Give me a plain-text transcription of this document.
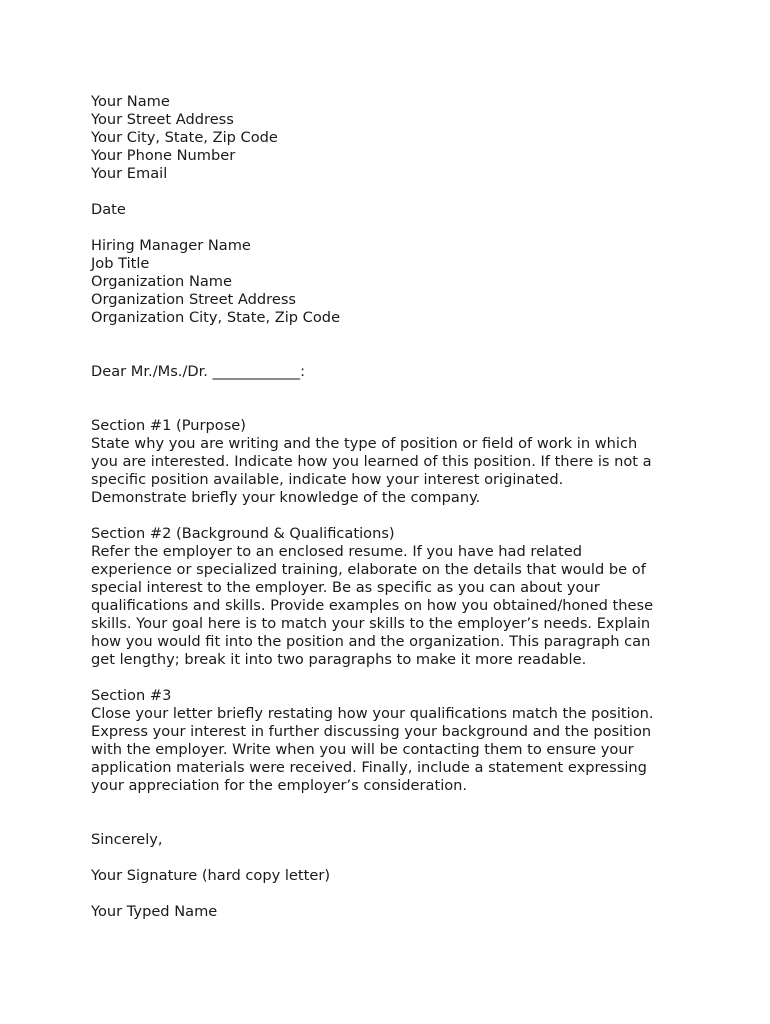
Your Name
Your Street Address
Your City, State, Zip Code
Your Phone Number
Your Email
Date
Hiring Manager Name
Job Title
Organization Name
Organization Street Address
Organization City, State, Zip Code
Dear Mr./Ms./Dr. ____________:
Section #1 (Purpose)
State why you are writing and the type of position or field of work in which
you are interested. Indicate how you learned of this position. If there is not a
specific position available, indicate how your interest originated.
Demonstrate briefly your knowledge of the company.
Section #2 (Background & Qualifications)
Refer the employer to an enclosed resume. If you have had related
experience or specialized training, elaborate on the details that would be of
special interest to the employer. Be as specific as you can about your
qualifications and skills. Provide examples on how you obtained/honed these
skills. Your goal here is to match your skills to the employer’s needs. Explain
how you would fit into the position and the organization. This paragraph can
get lengthy; break it into two paragraphs to make it more readable.
Section #3
Close your letter briefly restating how your qualifications match the position.
Express your interest in further discussing your background and the position
with the employer. Write when you will be contacting them to ensure your
application materials were received. Finally, include a statement expressing
your appreciation for the employer’s consideration.
Sincerely,
Your Signature (hard copy letter)
Your Typed Name
